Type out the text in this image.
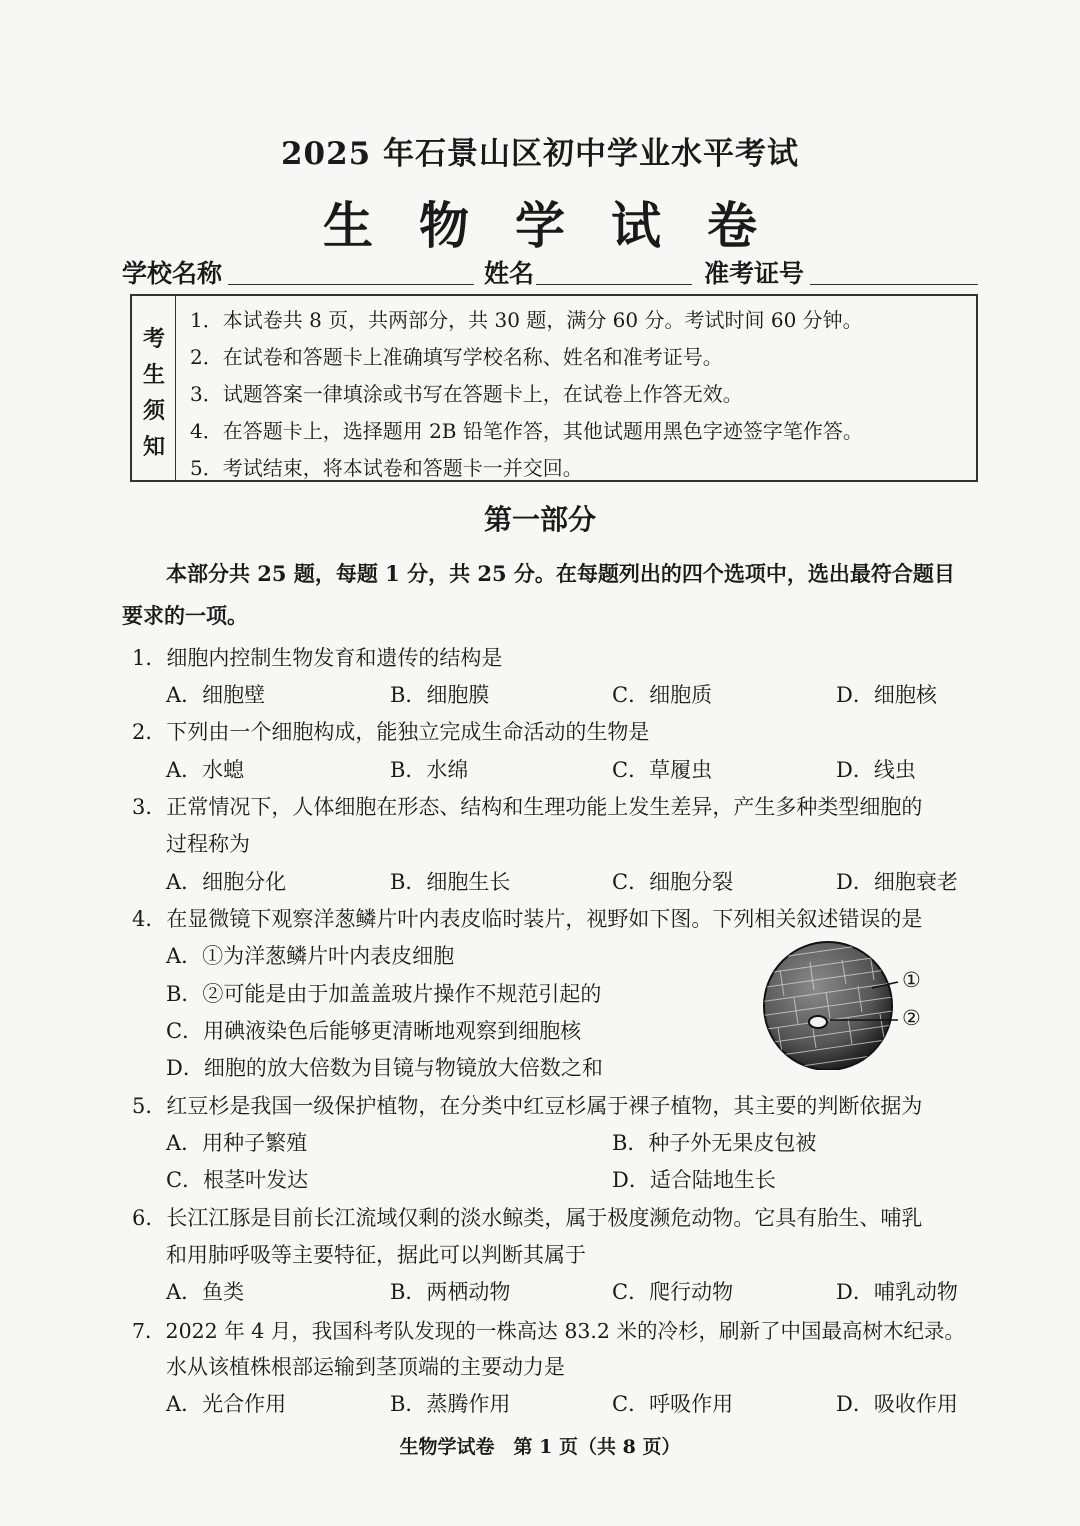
2025 年石景山区初中学业水平考试
生物学试卷
学校名称	姓名	准考证号
考
生
须
知
1．本试卷共 8 页，共两部分，共 30 题，满分 60 分。考试时间 60 分钟。
2．在试卷和答题卡上准确填写学校名称、姓名和准考证号。
3．试题答案一律填涂或书写在答题卡上，在试卷上作答无效。
4．在答题卡上，选择题用 2B 铅笔作答，其他试题用黑色字迹签字笔作答。
5．考试结束，将本试卷和答题卡一并交回。
第一部分
本部分共 25 题，每题 1 分，共 25 分。在每题列出的四个选项中，选出最符合题目
要求的一项。
1．细胞内控制生物发育和遗传的结构是
A．细胞壁	B．细胞膜	C．细胞质	D．细胞核
2．下列由一个细胞构成，能独立完成生命活动的生物是
A．水螅	B．水绵	C．草履虫	D．线虫
3．正常情况下，人体细胞在形态、结构和生理功能上发生差异，产生多种类型细胞的
过程称为
A．细胞分化	B．细胞生长	C．细胞分裂	D．细胞衰老
4．在显微镜下观察洋葱鳞片叶内表皮临时装片，视野如下图。下列相关叙述错误的是
A．①为洋葱鳞片叶内表皮细胞
B．②可能是由于加盖盖玻片操作不规范引起的
C．用碘液染色后能够更清晰地观察到细胞核
D．细胞的放大倍数为目镜与物镜放大倍数之和
①
②
5．红豆杉是我国一级保护植物，在分类中红豆杉属于裸子植物，其主要的判断依据为
A．用种子繁殖	B．种子外无果皮包被
C．根茎叶发达	D．适合陆地生长
6．长江江豚是目前长江流域仅剩的淡水鲸类，属于极度濒危动物。它具有胎生、哺乳
和用肺呼吸等主要特征，据此可以判断其属于
A．鱼类	B．两栖动物	C．爬行动物	D．哺乳动物
7．2022 年 4 月，我国科考队发现的一株高达 83.2 米的冷杉，刷新了中国最高树木纪录。
水从该植株根部运输到茎顶端的主要动力是
A．光合作用	B．蒸腾作用	C．呼吸作用	D．吸收作用
生物学试卷　第 1 页（共 8 页）
